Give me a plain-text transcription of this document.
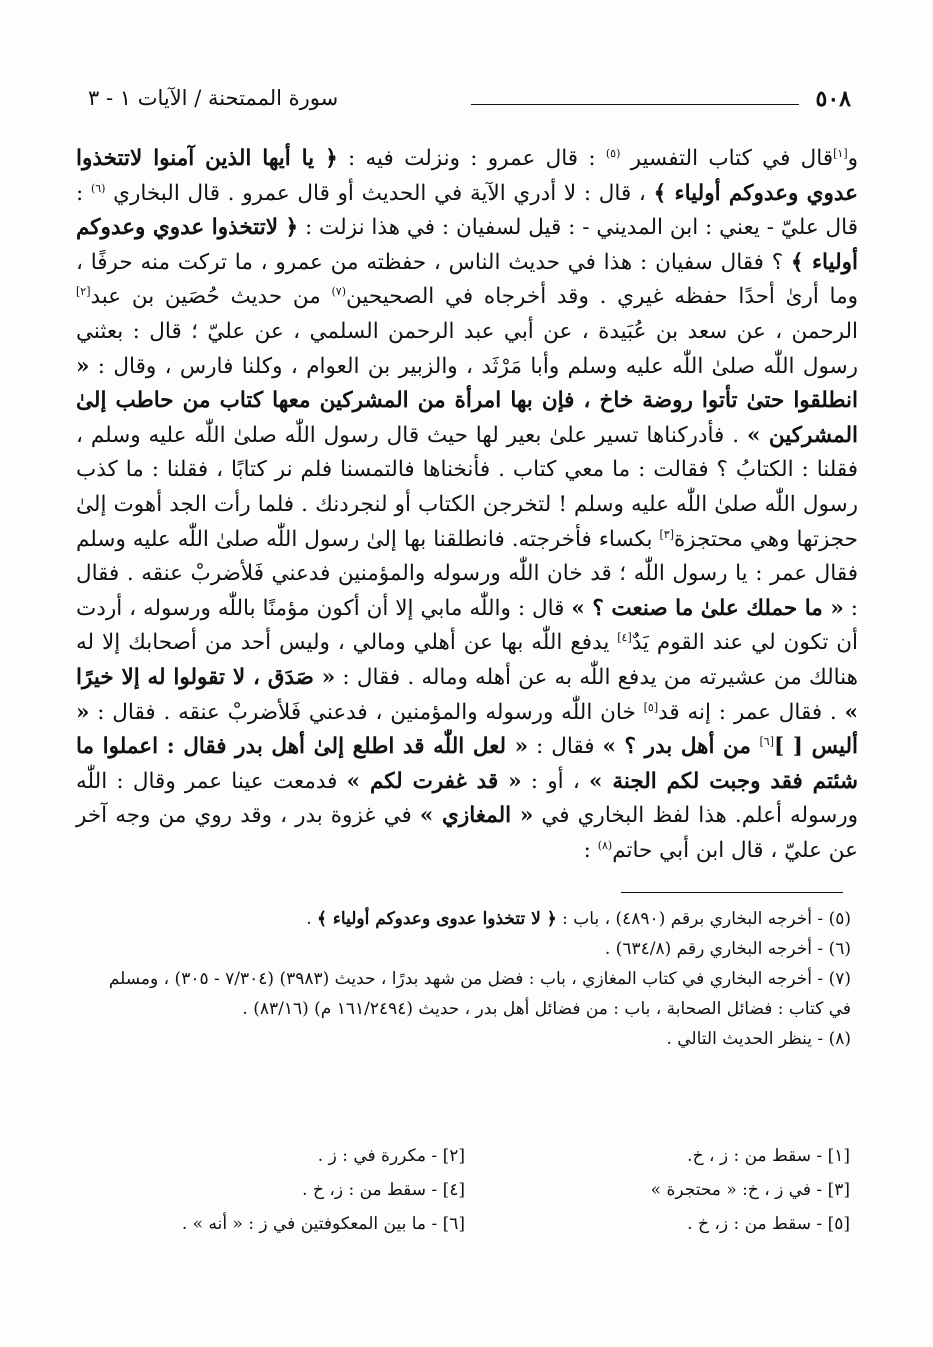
٥٠٨
سورة الممتحنة / الآيات ١ - ٣

و[١]قال في كتاب التفسير $^{(٥)}$ : قال عمرو : ونزلت فيه : ﴿ يا أيها الذين آمنوا لاتتخذوا عدوي وعدوكم أولياء ﴾ ، قال : لا أدري الآية في الحديث أو قال عمرو . قال البخاري $^{(٦)}$ : قال عليّ - يعني : ابن المديني - : قيل لسفيان : في هذا نزلت : ﴿ لاتتخذوا عدوي وعدوكم أولياء ﴾ ؟ فقال سفيان : هذا في حديث الناس ، حفظته من عمرو ، ما تركت منه حرفًا ، وما أرىٰ أحدًا حفظه غيري . وقد أخرجاه في الصحيحين$^{(٧)}$ من حديث حُصَين بن عبد[٢] الرحمن ، عن سعد بن عُبَيدة ، عن أبي عبد الرحمن السلمي ، عن عليّ ؛ قال : بعثني رسول اللّٰه صلىٰ اللّٰه عليه وسلم وأبا مَرْثَد ، والزبير بن العوام ، وكلنا فارس ، وقال : « انطلقوا حتىٰ تأتوا روضة خاخ ، فإن بها امرأة من المشركين معها كتاب من حاطب إلىٰ المشركين » . فأدركناها تسير علىٰ بعير لها حيث قال رسول اللّٰه صلىٰ اللّٰه عليه وسلم ، فقلنا : الكتابُ ؟ فقالت : ما معي كتاب . فأنخناها فالتمسنا فلم نر كتابًا ، فقلنا : ما كذب رسول اللّٰه صلىٰ اللّٰه عليه وسلم ! لتخرجن الكتاب أو لنجردنك . فلما رأت الجد أهوت إلىٰ حجزتها وهي محتجزة[٣] بكساء فأخرجته. فانطلقنا بها إلىٰ رسول اللّٰه صلىٰ اللّٰه عليه وسلم فقال عمر : يا رسول اللّٰه ؛ قد خان اللّٰه ورسوله والمؤمنين فدعني فَلأضربْ عنقه . فقال : « ما حملك علىٰ ما صنعت ؟ » قال : واللّٰه مابي إلا أن أكون مؤمنًا باللّٰه ورسوله ، أردت أن تكون لي عند القوم يَدٌ[٤] يدفع اللّٰه بها عن أهلي ومالي ، وليس أحد من أصحابك إلا له هنالك من عشيرته من يدفع اللّٰه به عن أهله وماله . فقال : « صَدَق ، لا تقولوا له إلا خيرًا » . فقال عمر : إنه قد[٥] خان اللّٰه ورسوله والمؤمنين ، فدعني فَلأضربْ عنقه . فقال : « أليس [ ][٦] من أهل بدر ؟ » فقال : « لعل اللّٰه قد اطلع إلىٰ أهل بدر فقال : اعملوا ما شئتم فقد وجبت لكم الجنة » ، أو : « قد غفرت لكم » فدمعت عينا عمر وقال : اللّٰه ورسوله أعلم. هذا لفظ البخاري في « المغازي » في غزوة بدر ، وقد روي من وجه آخر عن عليّ ، قال ابن أبي حاتم$^{(٨)}$ :

(٥) - أخرجه البخاري برقم (٤٨٩٠) ، باب : ﴿ لا تتخذوا عدوى وعدوكم أولياء ﴾ .

(٦) - أخرجه البخاري رقم (٦٣٤/٨) .

(٧) - أخرجه البخاري في كتاب المغازي ، باب : فضل من شهد بدرًا ، حديث (٣٩٨٣) (٧/٣٠٤ - ٣٠٥) ، ومسلم في كتاب : فضائل الصحابة ، باب : من فضائل أهل بدر ، حديث (١٦١/٢٤٩٤ م) (٨٣/١٦) .

(٨) - ينظر الحديث التالي .

[١] - سقط من : ز ، خ.
[٢] - مكررة في : ز .
[٣] - في ز ، خ: « محتجرة »
[٤] - سقط من : ز، خ .
[٥] - سقط من : ز، خ .
[٦] - ما بين المعكوفتين في ز : « أنه » .
